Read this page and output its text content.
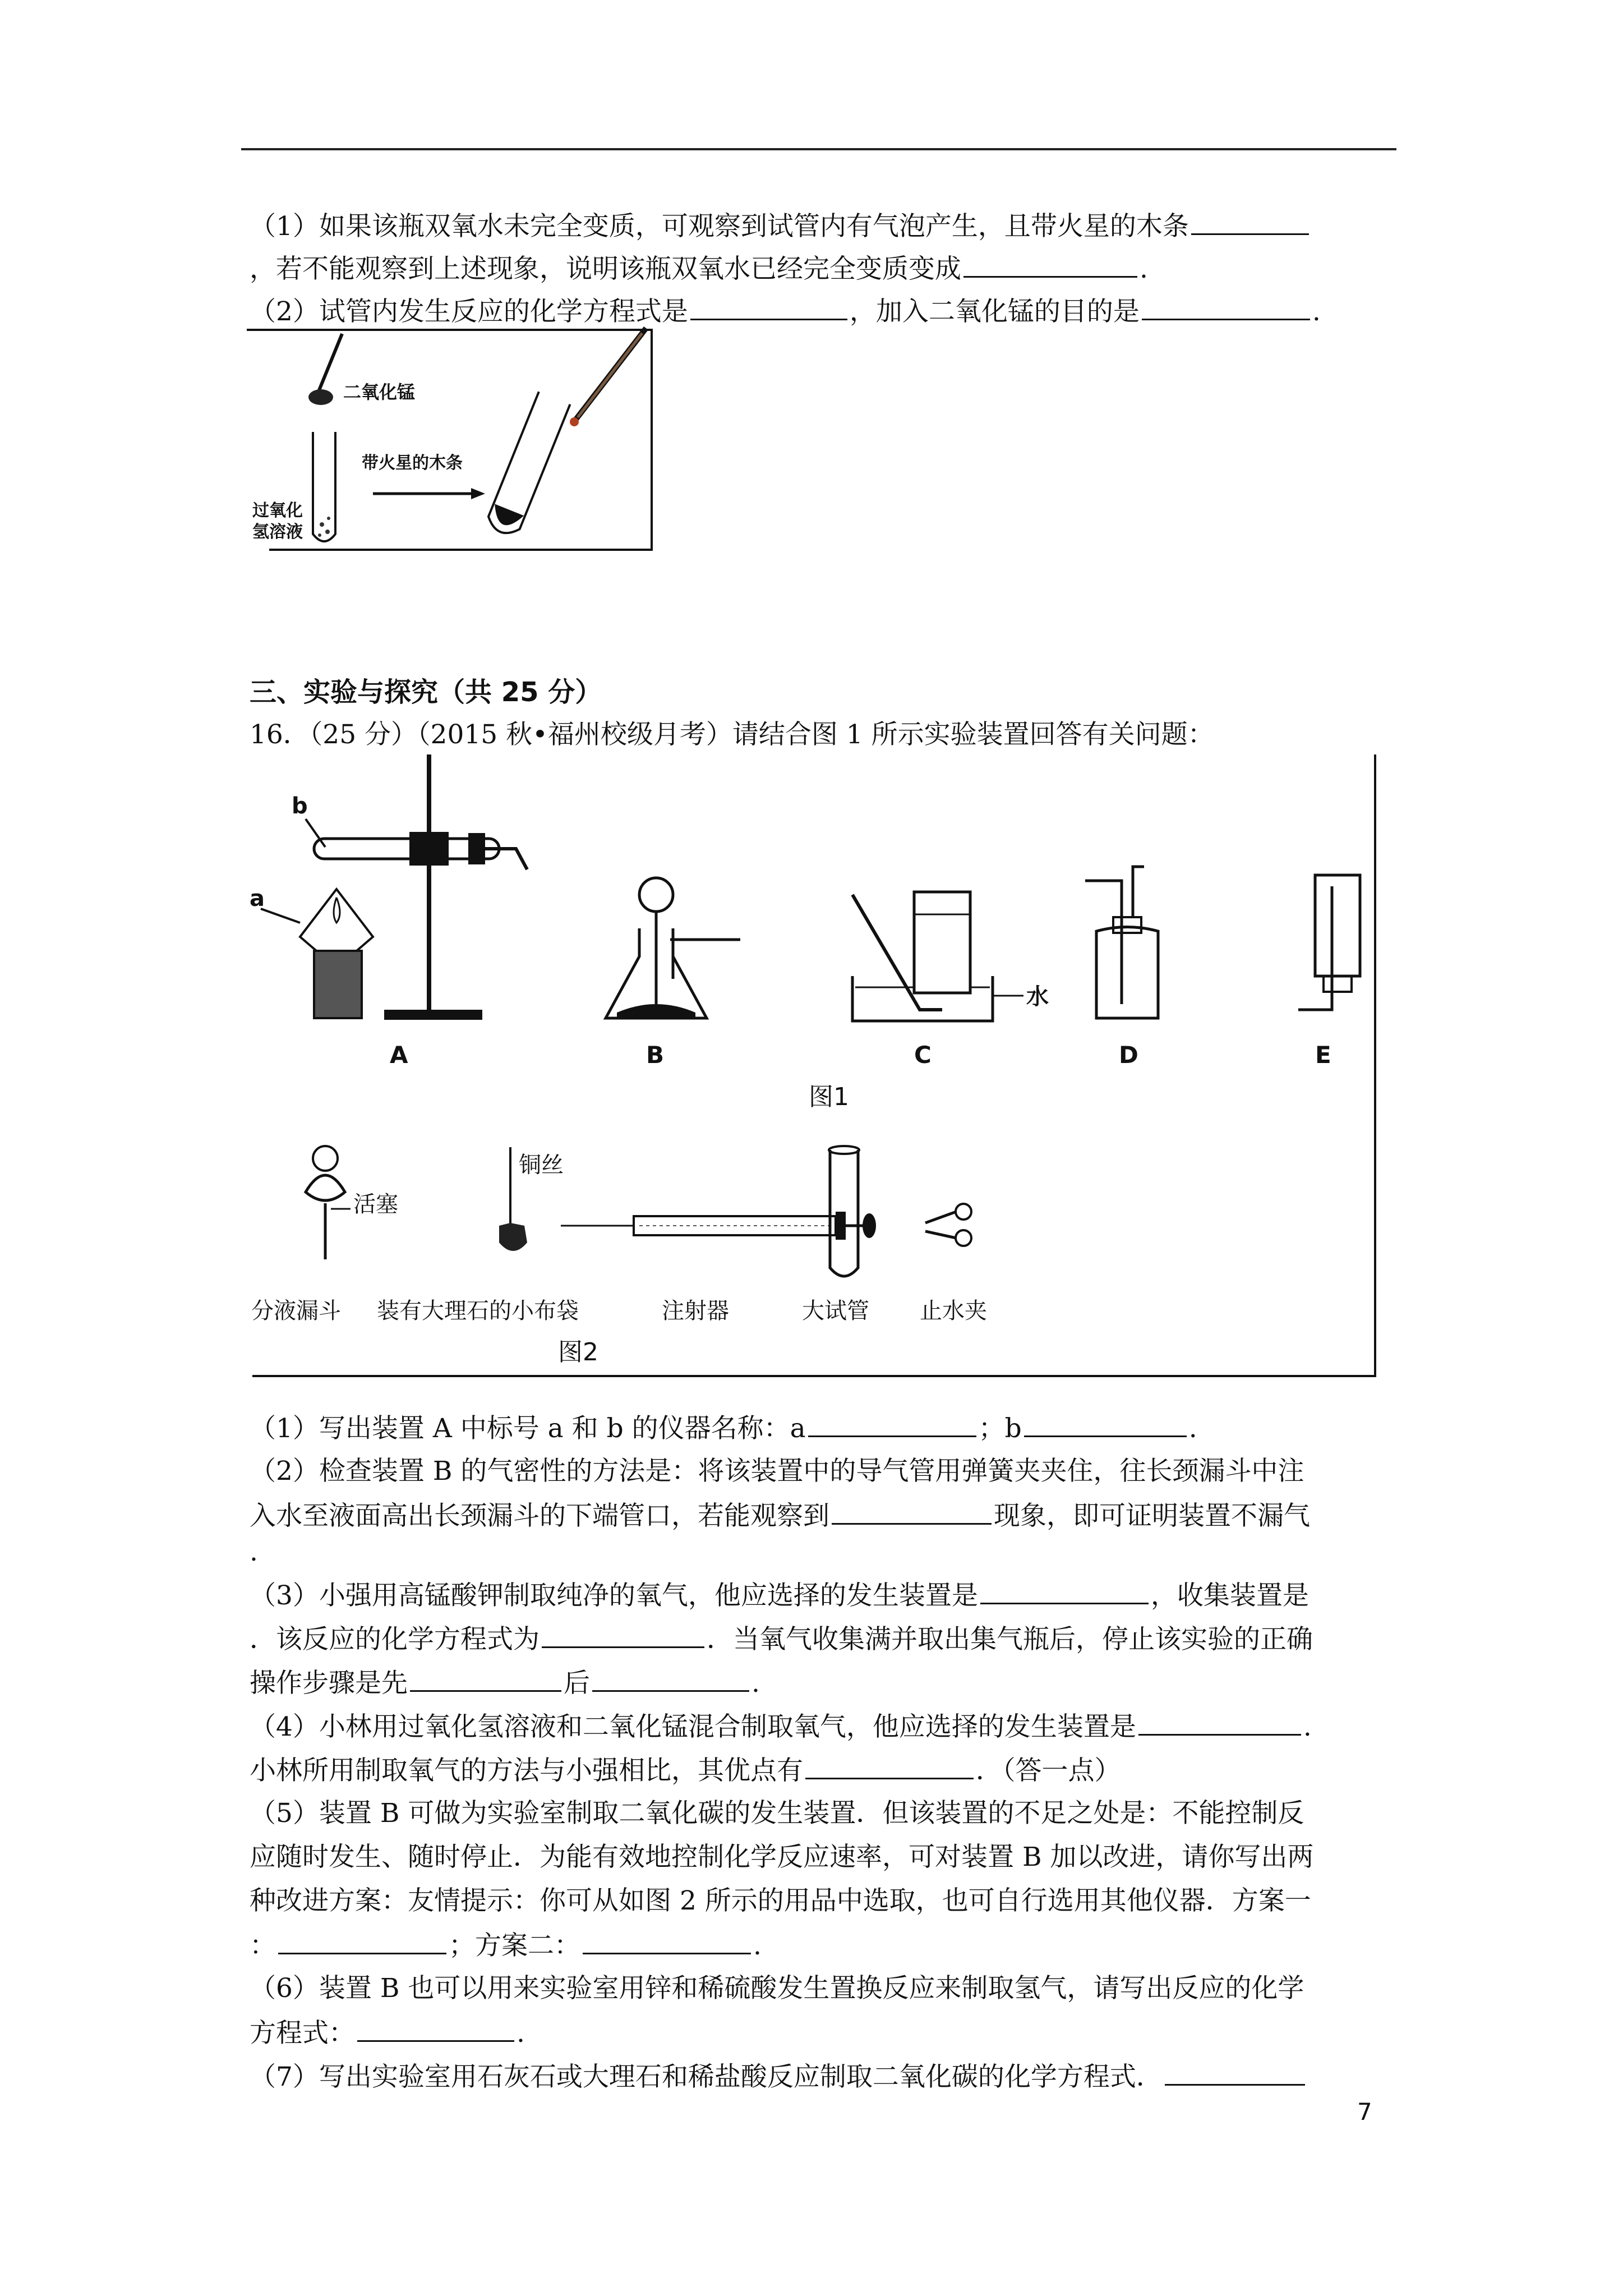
（1）如果该瓶双氧水未完全变质，可观察到试管内有气泡产生，且带火星的木条
，若不能观察到上述现象，说明该瓶双氧水已经完全变质变成	.
（2）试管内发生反应的化学方程式是	，加入二氧化锰的目的是	.
二氧化锰
过氧化
氢溶液
带火星的木条
三、实验与探究（共 25 分）
16．（25 分）（2015 秋•福州校级月考）请结合图 1 所示实验装置回答有关问题：
b
a
A	B
水
C	D	E
图1
活塞
铜丝
分液漏斗 装有大理石的小布袋	注射器	大试管 止水夹
图2
（1）写出装置 A 中标号 a 和 b 的仪器名称：a	；b	.
（2）检查装置 B 的气密性的方法是：将该装置中的导气管用弹簧夹夹住，往长颈漏斗中注
入水至液面高出长颈漏斗的下端管口，若能观察到	现象，即可证明装置不漏气
.
（3）小强用高锰酸钾制取纯净的氧气，他应选择的发生装置是	，收集装置是
．该反应的化学方程式为	．当氧气收集满并取出集气瓶后，停止该实验的正确
操作步骤是先	后	.
（4）小林用过氧化氢溶液和二氧化锰混合制取氧气，他应选择的发生装置是	.
小林所用制取氧气的方法与小强相比，其优点有	．（答一点）
（5）装置 B 可做为实验室制取二氧化碳的发生装置．但该装置的不足之处是：不能控制反
应随时发生、随时停止．为能有效地控制化学反应速率，可对装置 B 加以改进，请你写出两
种改进方案：友情提示：你可从如图 2 所示的用品中选取，也可自行选用其他仪器．方案一
：	；方案二：	.
（6）装置 B 也可以用来实验室用锌和稀硫酸发生置换反应来制取氢气，请写出反应的化学
方程式：	.
（7）写出实验室用石灰石或大理石和稀盐酸反应制取二氧化碳的化学方程式．
7
